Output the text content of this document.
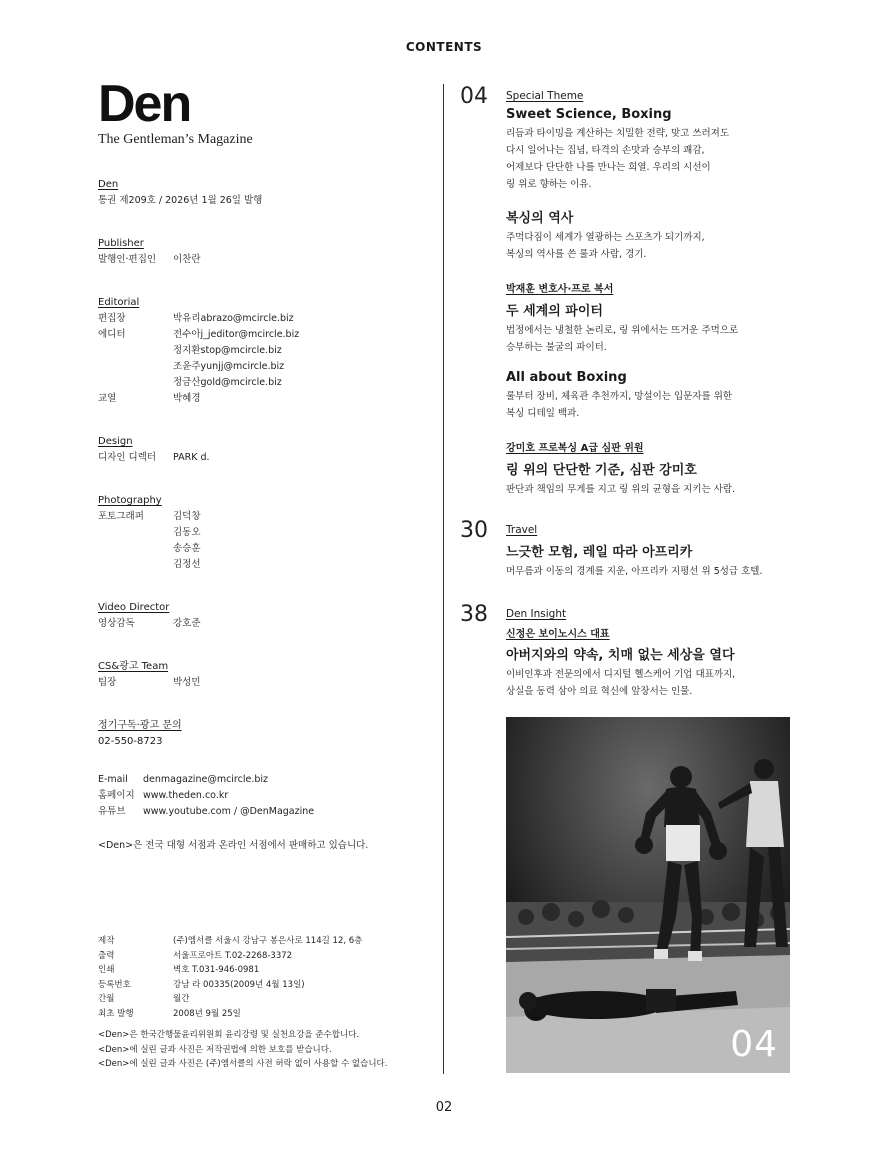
CONTENTS
Den
The Gentleman’s Magazine
Den
통권 제209호 / 2026년 1월 26일 발행
Publisher
발행인·편집인	이찬란
Editorial
편집장	박유리abrazo@mcircle.biz
에디터	전수아j_jeditor@mcircle.biz
정지환stop@mcircle.biz
조윤주yunjj@mcircle.biz
정금산gold@mcircle.biz
교열	박혜경
Design
디자인 디렉터	PARK d.
Photography
포토그래퍼	김덕창
김동오
송승훈
김정선
Video Director
영상감독	강호준
CS&광고 Team
팀장	박성민
정기구독·광고 문의
02-550-8723
E-mail	denmagazine@mcircle.biz
홈페이지 www.theden.co.kr
유튜브	www.youtube.com / @DenMagazine
<Den>은 전국 대형 서점과 온라인 서점에서 판매하고 있습니다.
제작	(주)엠서클 서울시 강남구 봉은사로 114길 12, 6층
출력	서울프로아트 T.02-2268-3372
인쇄	벽호 T.031-946-0981
등록번호	강남 라 00335(2009년 4월 13일)
간월	월간
최초 발행	2008년 9월 25일
<Den>은 한국간행물윤리위원회 윤리강령 및 실천요강을 준수합니다.
<Den>에 실린 글과 사진은 저작권법에 의한 보호를 받습니다.
<Den>에 실린 글과 사진은 (주)엠서클의 사전 허락 없이 사용할 수 없습니다.
04 Special Theme
Sweet Science, Boxing
리듬과 타이밍을 계산하는 치밀한 전략, 맞고 쓰러져도
다시 일어나는 집념, 타격의 손맛과 승부의 쾌감,
어제보다 단단한 나를 만나는 희열. 우리의 시선이
링 위로 향하는 이유.
복싱의 역사
주먹다짐이 세계가 열광하는 스포츠가 되기까지,
복싱의 역사를 쓴 룰과 사람, 경기.
박재훈 변호사·프로 복서
두 세계의 파이터
법정에서는 냉철한 논리로, 링 위에서는 뜨거운 주먹으로
승부하는 불굴의 파이터.
All about Boxing
룰부터 장비, 체육관 추천까지, 망설이는 입문자를 위한
복싱 디테일 백과.
강미호 프로복싱 A급 심판 위원
링 위의 단단한 기준, 심판 강미호
판단과 책임의 무게를 지고 링 위의 균형을 지키는 사람.
30 Travel
느긋한 모험, 레일 따라 아프리카
머무름과 이동의 경계를 지운, 아프리카 지평선 위 5성급 호텔.
38 Den Insight
신정은 보이노시스 대표
아버지와의 약속, 치매 없는 세상을 열다
이비인후과 전문의에서 디지털 헬스케어 기업 대표까지,
상실을 동력 삼아 의료 혁신에 앞장서는 인물.
04
02
